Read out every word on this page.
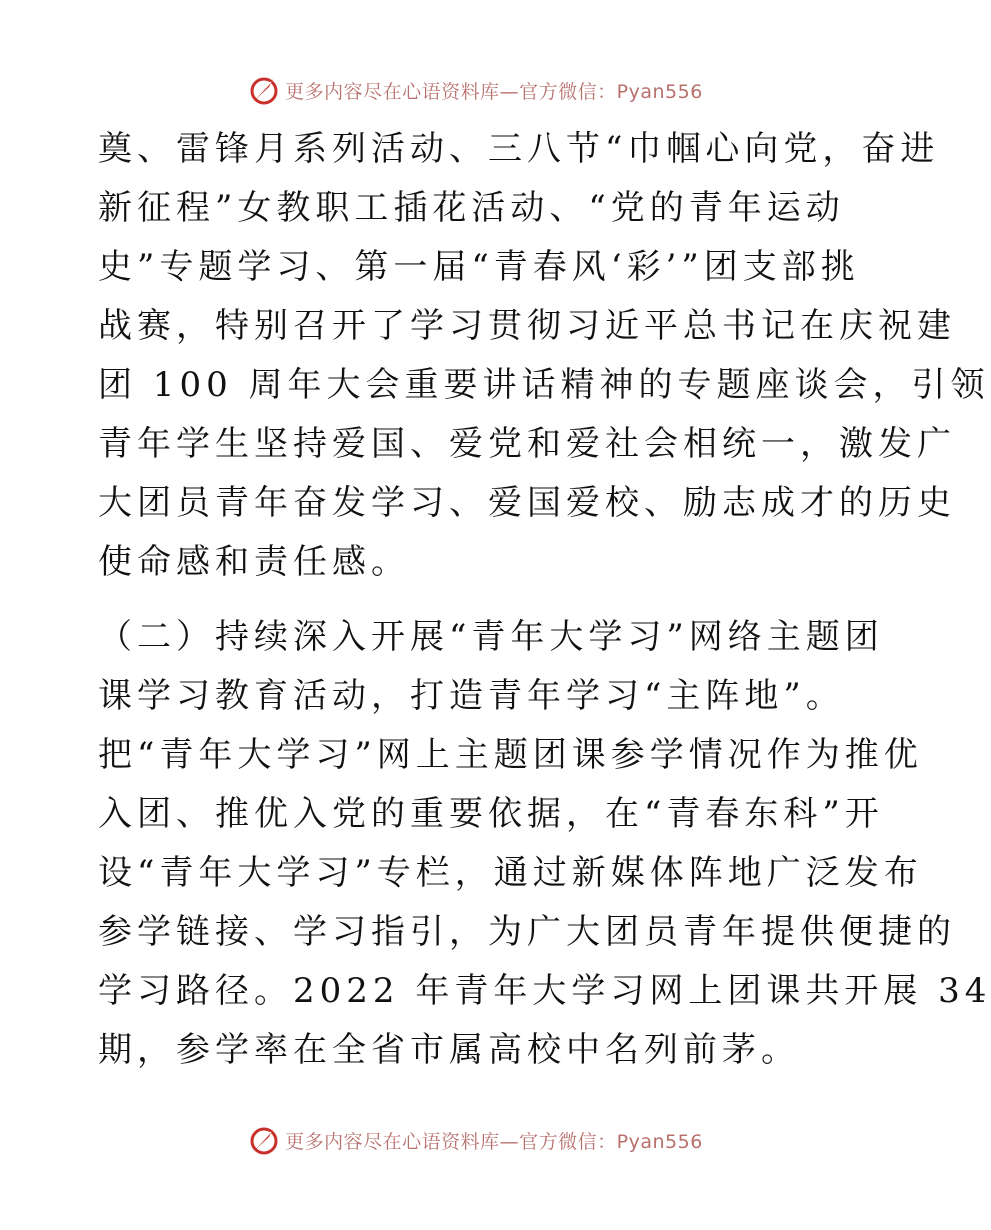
更多内容尽在心语资料库—官方微信：Pyan556
奠、雷锋月系列活动、三八节“巾帼心向党，奋进
新征程”女教职工插花活动、“党的青年运动
史”专题学习、第一届“青春风‘彩’”团支部挑
战赛，特别召开了学习贯彻习近平总书记在庆祝建
团 100 周年大会重要讲话精神的专题座谈会，引领
青年学生坚持爱国、爱党和爱社会相统一，激发广
大团员青年奋发学习、爱国爱校、励志成才的历史
使命感和责任感。
（二）持续深入开展“青年大学习”网络主题团
课学习教育活动，打造青年学习“主阵地”。
把“青年大学习”网上主题团课参学情况作为推优
入团、推优入党的重要依据，在“青春东科”开
设“青年大学习”专栏，通过新媒体阵地广泛发布
参学链接、学习指引，为广大团员青年提供便捷的
学习路径。2022 年青年大学习网上团课共开展 34
期，参学率在全省市属高校中名列前茅。
更多内容尽在心语资料库—官方微信：Pyan556
